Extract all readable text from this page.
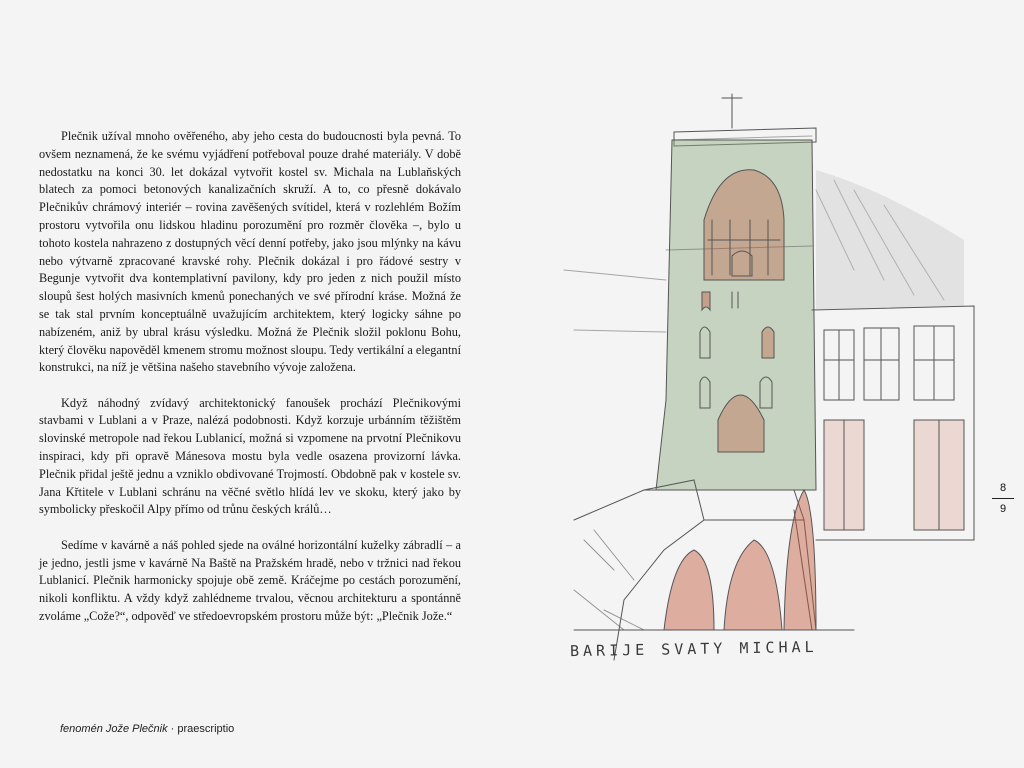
Plečnik užíval mnoho ověřeného, aby jeho cesta do budoucnosti byla pevná. To ovšem neznamená, že ke svému vyjádření potřeboval pouze drahé materiály. V době nedostatku na konci 30. let dokázal vytvořit kostel sv. Michala na Lublaňských blatech za pomoci betonových kanalizačních skruží. A to, co přesně dokávalo Plečnikův chrámový interiér – rovina zavěšených svítidel, která v rozlehlém Božím prostoru vytvořila onu lidskou hladinu porozumění pro rozměr člověka –, bylo u tohoto kostela nahrazeno z dostupných věcí denní potřeby, jako jsou mlýnky na kávu nebo výtvarně zpracované kravské rohy. Plečnik dokázal i pro řádové sestry v Begunje vytvořit dva kontemplativní pavilony, kdy pro jeden z nich použil místo sloupů šest holých masivních kmenů ponechaných ve své přírodní kráse. Možná že se tak stal prvním konceptuálně uvažujícím architektem, který logicky sáhne po nabízeném, aniž by ubral krásu výsledku. Možná že Plečnik složil poklonu Bohu, který člověku napověděl kmenem stromu možnost sloupu. Tedy vertikální a elegantní konstrukci, na níž je většina našeho stavebního vývoje založena.

Když náhodný zvídavý architektonický fanoušek prochází Plečnikovými stavbami v Lublani a v Praze, nalézá podobnosti. Když korzuje urbánním těžištěm slovinské metropole nad řekou Lublanicí, možná si vzpomene na prvotní Plečnikovu inspiraci, kdy při opravě Mánesova mostu byla vedle osazena provizorní lávka. Plečnik přidal ještě jednu a vzniklo obdivované Trojmostí. Obdobně pak v kostele sv. Jana Křtitele v Lublani schránu na věčné světlo hlídá lev ve skoku, který jako by symbolicky přeskočil Alpy přímo od trůnu českých králů…

Sedíme v kavárně a náš pohled sjede na oválné horizontální kuželky zábradlí – a je jedno, jestli jsme v kavárně Na Baště na Pražském hradě, nebo v tržnici nad řekou Lublanicí. Plečnik harmonicky spojuje obě země. Kráčejme po cestách porozumění, nikoli konfliktu. A vždy když zahlédneme trvalou, věcnou architekturu a spontánně zvoláme „Cože?“, odpověď ve středoevropském prostoru může být: „Plečnik Jože.“

fenomén Jože Plečnik · praescriptio
8
9
BARIJE SVATY MICHAL
